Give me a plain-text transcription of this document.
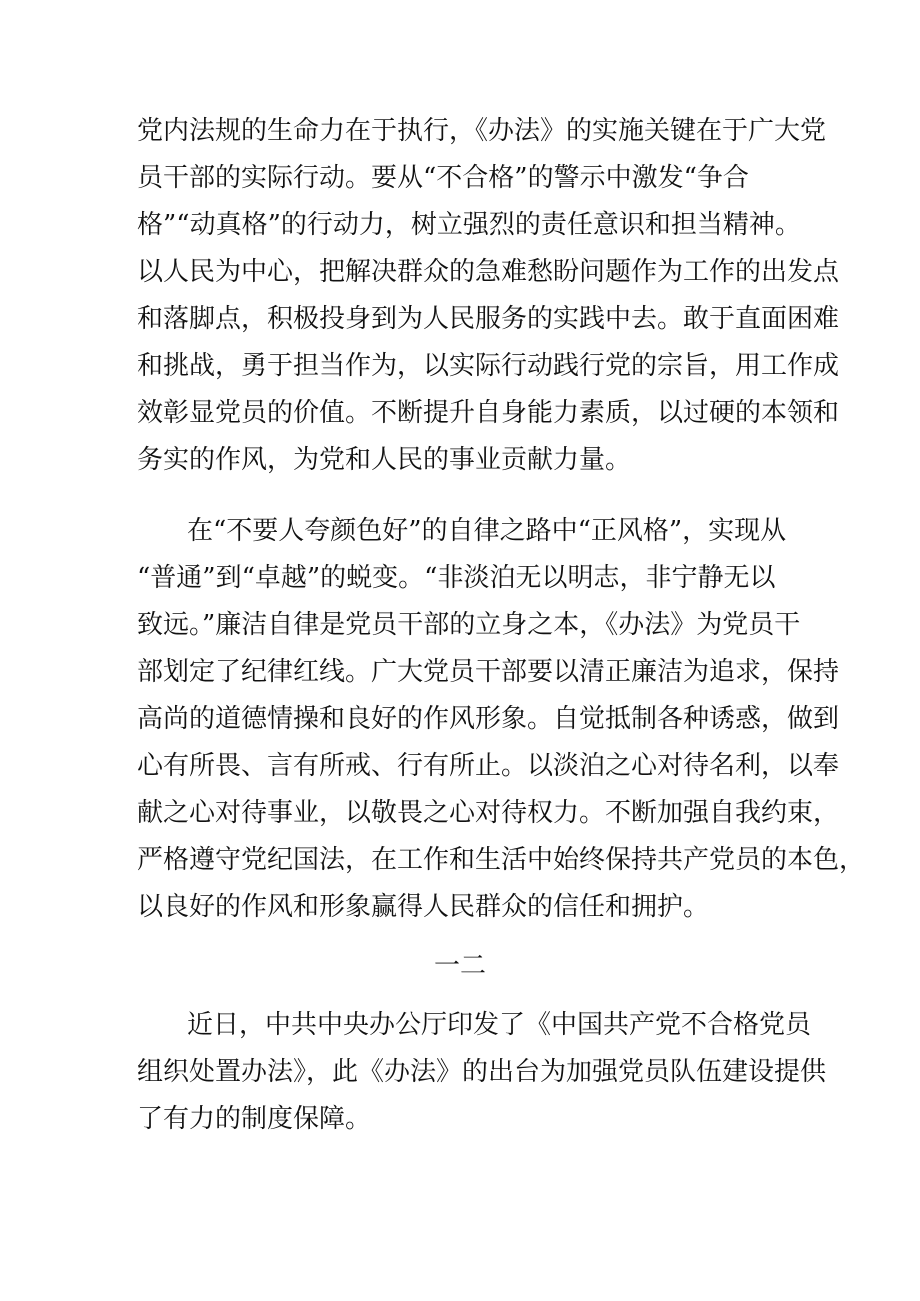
党内法规的生命力在于执行，《办法》的实施关键在于广大党
员干部的实际行动。要从“不合格”的警示中激发“争合
格”“动真格”的行动力，树立强烈的责任意识和担当精神。
以人民为中心，把解决群众的急难愁盼问题作为工作的出发点
和落脚点，积极投身到为人民服务的实践中去。敢于直面困难
和挑战，勇于担当作为，以实际行动践行党的宗旨，用工作成
效彰显党员的价值。不断提升自身能力素质，以过硬的本领和
务实的作风，为党和人民的事业贡献力量。
在“不要人夸颜色好”的自律之路中“正风格”，实现从
“普通”到“卓越”的蜕变。“非淡泊无以明志，非宁静无以
致远。”廉洁自律是党员干部的立身之本，《办法》为党员干
部划定了纪律红线。广大党员干部要以清正廉洁为追求，保持
高尚的道德情操和良好的作风形象。自觉抵制各种诱惑，做到
心有所畏、言有所戒、行有所止。以淡泊之心对待名利，以奉
献之心对待事业，以敬畏之心对待权力。不断加强自我约束，
严格遵守党纪国法，在工作和生活中始终保持共产党员的本色，
以良好的作风和形象赢得人民群众的信任和拥护。
一二
近日，中共中央办公厅印发了《中国共产党不合格党员
组织处置办法》，此《办法》的出台为加强党员队伍建设提供
了有力的制度保障。
